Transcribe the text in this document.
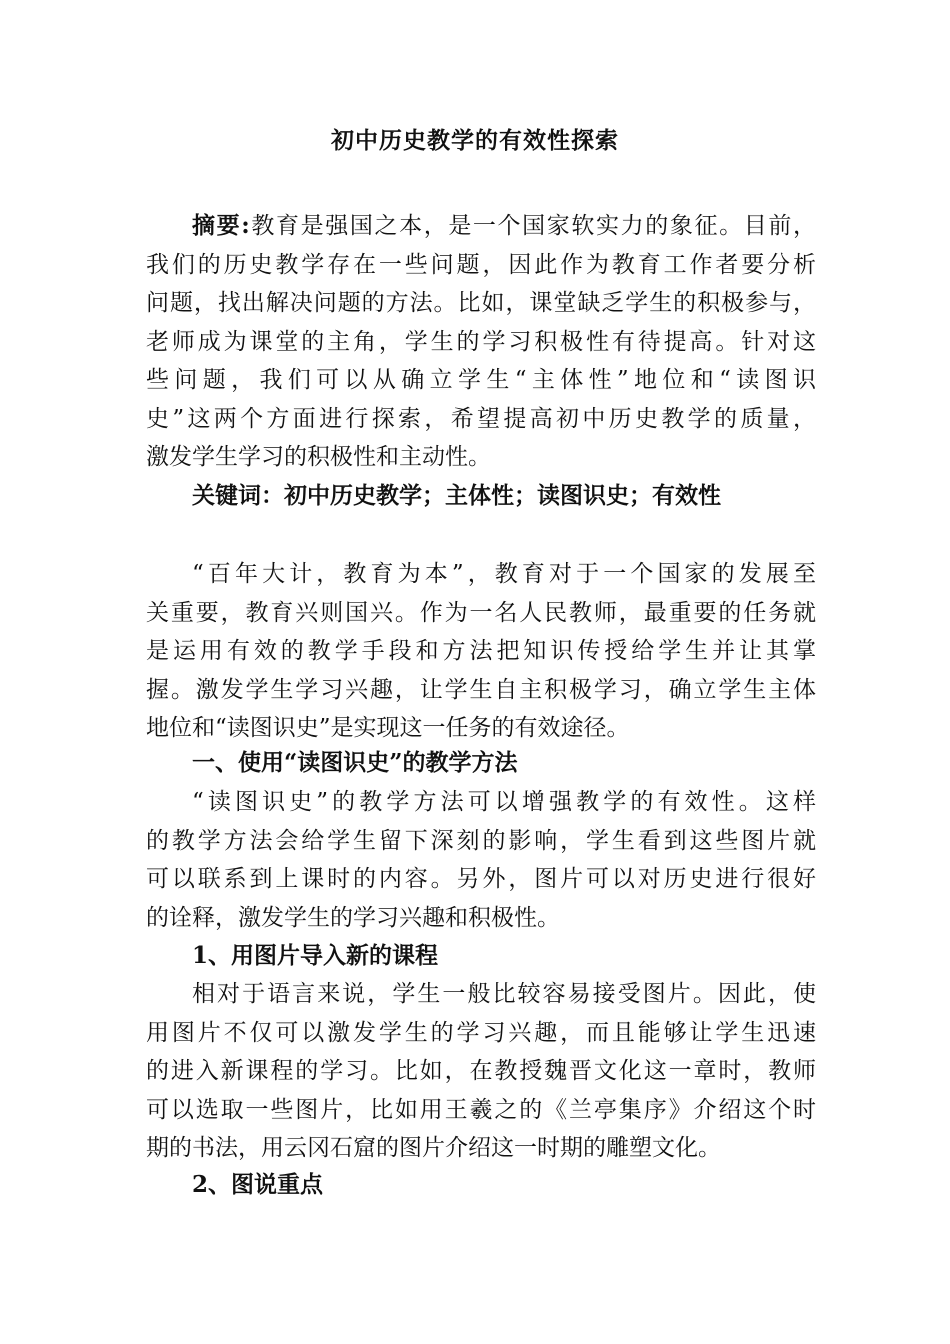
初中历史教学的有效性探索
摘要:教育是强国之本，是一个国家软实力的象征。目前，
我们的历史教学存在一些问题，因此作为教育工作者要分析
问题，找出解决问题的方法。比如，课堂缺乏学生的积极参与，
老师成为课堂的主角，学生的学习积极性有待提高。针对这
些问题，我们可以从确立学生“主体性”地位和“读图识
史”这两个方面进行探索，希望提高初中历史教学的质量，
激发学生学习的积极性和主动性。
关键词：初中历史教学；主体性；读图识史；有效性
“百年大计，教育为本”，教育对于一个国家的发展至
关重要，教育兴则国兴。作为一名人民教师，最重要的任务就
是运用有效的教学手段和方法把知识传授给学生并让其掌
握。激发学生学习兴趣，让学生自主积极学习，确立学生主体
地位和“读图识史”是实现这一任务的有效途径。
一、使用“读图识史”的教学方法
“读图识史”的教学方法可以增强教学的有效性。这样
的教学方法会给学生留下深刻的影响，学生看到这些图片就
可以联系到上课时的内容。另外，图片可以对历史进行很好
的诠释，激发学生的学习兴趣和积极性。
1、用图片导入新的课程
相对于语言来说，学生一般比较容易接受图片。因此，使
用图片不仅可以激发学生的学习兴趣，而且能够让学生迅速
的进入新课程的学习。比如，在教授魏晋文化这一章时，教师
可以选取一些图片，比如用王羲之的《兰亭集序》介绍这个时
期的书法，用云冈石窟的图片介绍这一时期的雕塑文化。
2、图说重点
